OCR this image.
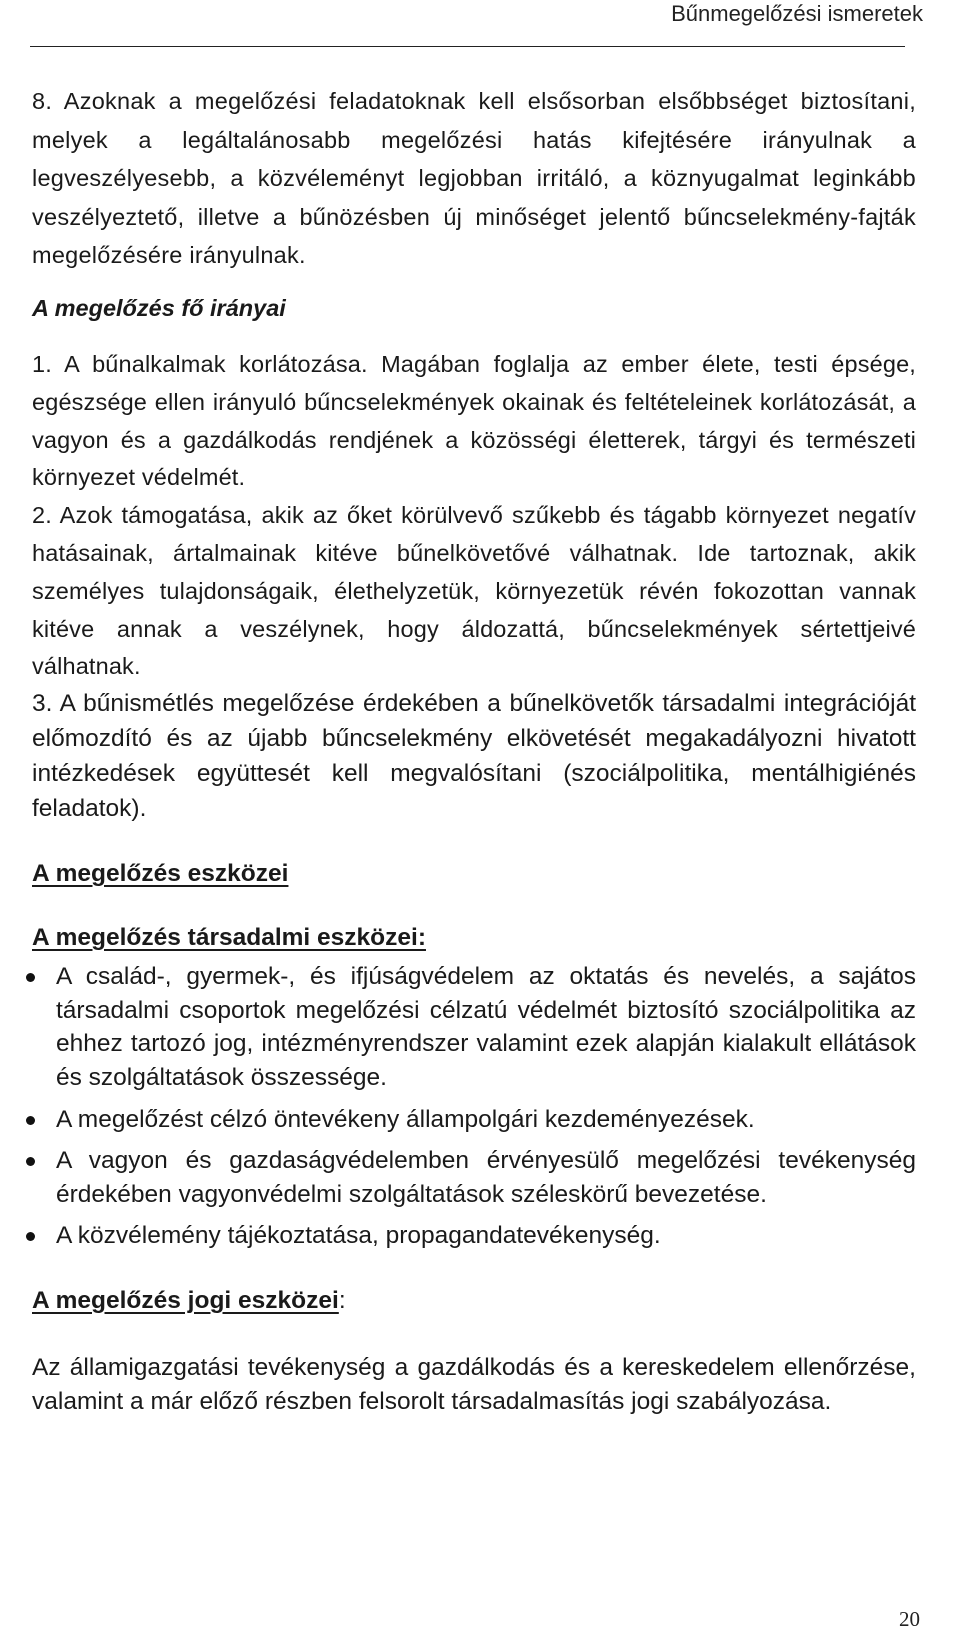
Bűnmegelőzési ismeretek

8. Azoknak a megelőzési feladatoknak kell elsősorban elsőbbséget biztosítani, melyek a legáltalánosabb megelőzési hatás kifejtésére irányulnak a legveszélyesebb, a közvéleményt legjobban irritáló, a köznyugalmat leginkább veszélyeztető, illetve a bűnözésben új minőséget jelentő bűncselekmény-fajták megelőzésére irányulnak.

A megelőzés fő irányai

1. A bűnalkalmak korlátozása. Magában foglalja az ember élete, testi épsége, egészsége ellen irányuló bűncselekmények okainak és feltételeinek korlátozását, a vagyon és a gazdálkodás rendjének a közösségi életterek, tárgyi és természeti környezet védelmét.

2. Azok támogatása, akik az őket körülvevő szűkebb és tágabb környezet negatív hatásainak, ártalmainak kitéve bűnelkövetővé válhatnak. Ide tartoznak, akik személyes tulajdonságaik, élethelyzetük, környezetük révén fokozottan vannak kitéve annak a veszélynek, hogy áldozattá, bűncselekmények sértettjeivé válhatnak.

3. A bűnismétlés megelőzése érdekében a bűnelkövetők társadalmi integrációját előmozdító és az újabb bűncselekmény elkövetését megakadályozni hivatott intézkedések együttesét kell megvalósítani (szociálpolitika, mentálhigiénés feladatok).

A megelőzés eszközei
A megelőzés társadalmi eszközei:
A család-, gyermek-, és ifjúságvédelem az oktatás és nevelés, a sajátos társadalmi csoportok megelőzési célzatú védelmét biztosító szociálpolitika az ehhez tartozó jog, intézményrendszer valamint ezek alapján kialakult ellátások és szolgáltatások összessége.
A megelőzést célzó öntevékeny állampolgári kezdeményezések.
A vagyon és gazdaságvédelemben érvényesülő megelőzési tevékenység érdekében vagyonvédelmi szolgáltatások széleskörű bevezetése.
A közvélemény tájékoztatása, propagandatevékenység.
A megelőzés jogi eszközei:

Az államigazgatási tevékenység a gazdálkodás és a kereskedelem ellenőrzése, valamint a már előző részben felsorolt társadalmasítás jogi szabályozása.

20
